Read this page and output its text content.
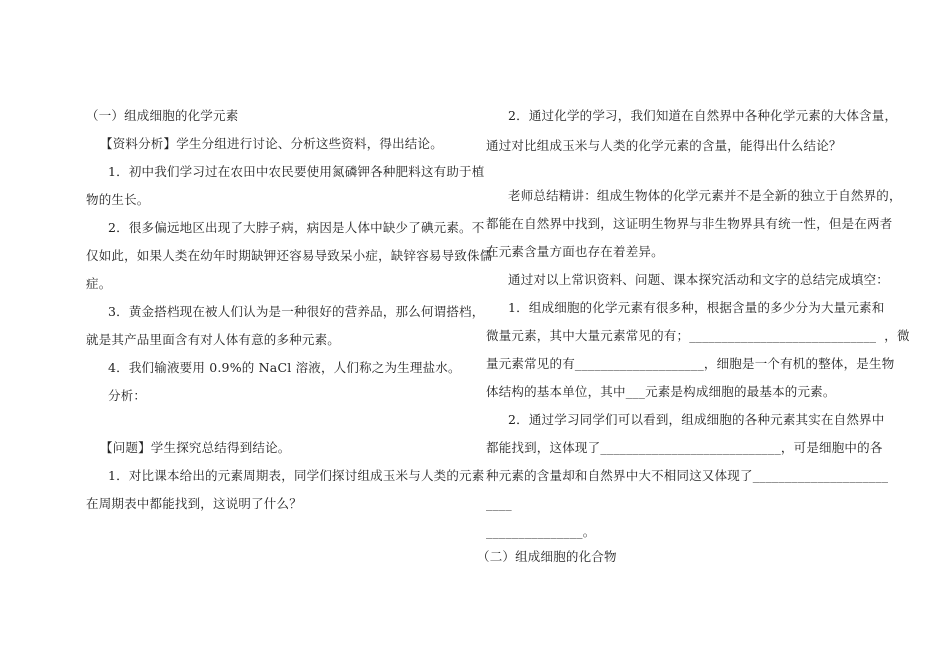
（一）组成细胞的化学元素

【资料分析】学生分组进行讨论、分析这些资料，得出结论。

1．初中我们学习过在农田中农民要使用氮磷钾各种肥料这有助于植

物的生长。

2．很多偏远地区出现了大脖子病，病因是人体中缺少了碘元素。不

仅如此，如果人类在幼年时期缺钾还容易导致呆小症，缺锌容易导致侏儒

症。

3．黄金搭档现在被人们认为是一种很好的营养品，那么何谓搭档，

就是其产品里面含有对人体有意的多种元素。

4．我们输液要用 0.9%的 NaCl 溶液，人们称之为生理盐水。

分析：

【问题】学生探究总结得到结论。

1．对比课本给出的元素周期表，同学们探讨组成玉米与人类的元素

在周期表中都能找到，这说明了什么？

2．通过化学的学习，我们知道在自然界中各种化学元素的大体含量，

通过对比组成玉米与人类的化学元素的含量，能得出什么结论？

老师总结精讲：组成生物体的化学元素并不是全新的独立于自然界的，

都能在自然界中找到，这证明生物界与非生物界具有统一性，但是在两者

在元素含量方面也存在着差异。

通过对以上常识资料、问题、课本探究活动和文字的总结完成填空：

1．组成细胞的化学元素有很多种，根据含量的多少分为大量元素和

微量元素，其中大量元素常见的有；_____________________________ ，微

量元素常见的有____________________，细胞是一个有机的整体，是生物

体结构的基本单位，其中___元素是构成细胞的最基本的元素。

2．通过学习同学们可以看到，组成细胞的各种元素其实在自然界中

都能找到，这体现了____________________________，可是细胞中的各

种元素的含量却和自然界中大不相同这又体现了_____________________

____

_______________。

（二）组成细胞的化合物
